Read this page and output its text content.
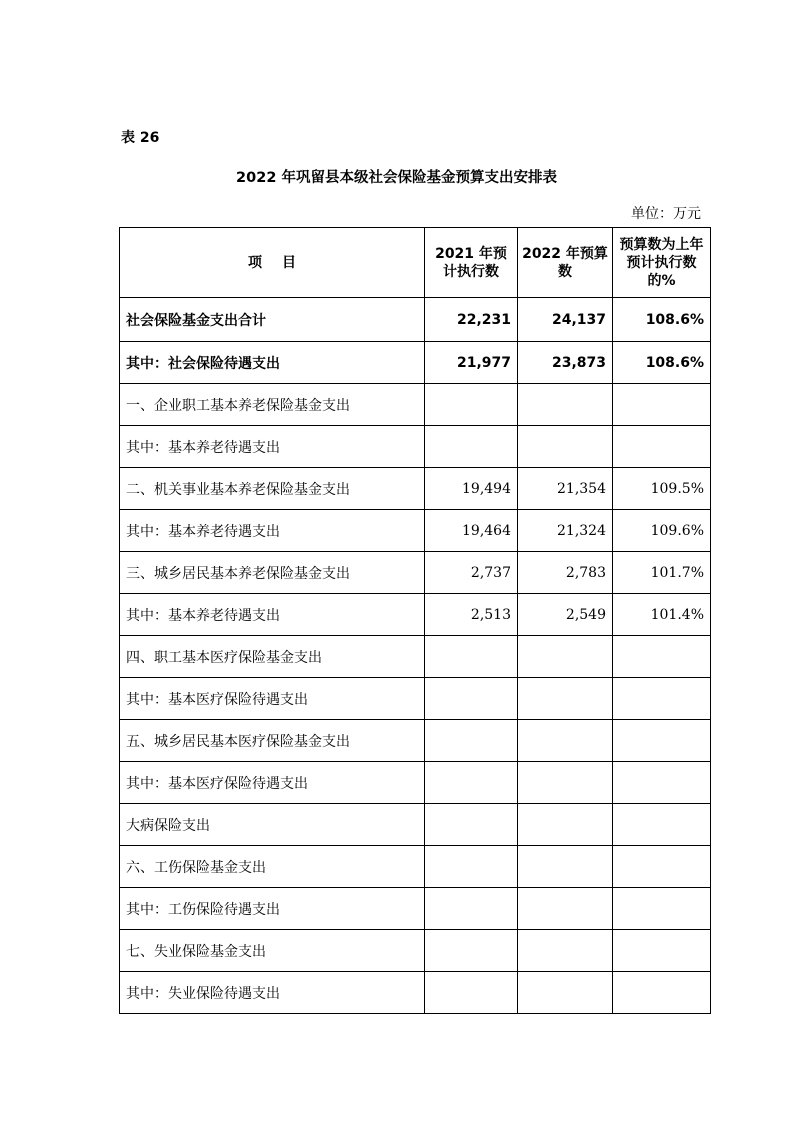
表 26
2022 年巩留县本级社会保险基金预算支出安排表
单位：万元
项 目	2021 年预计执行数	2022 年预算数	预算数为上年预计执行数的%
社会保险基金支出合计	22,231	24,137	108.6%
其中：社会保险待遇支出	21,977	23,873	108.6%
一、企业职工基本养老保险基金支出			
其中：基本养老待遇支出			
二、机关事业基本养老保险基金支出	19,494	21,354	109.5%
其中：基本养老待遇支出	19,464	21,324	109.6%
三、城乡居民基本养老保险基金支出	2,737	2,783	101.7%
其中：基本养老待遇支出	2,513	2,549	101.4%
四、职工基本医疗保险基金支出			
其中：基本医疗保险待遇支出			
五、城乡居民基本医疗保险基金支出			
其中：基本医疗保险待遇支出			
大病保险支出			
六、工伤保险基金支出			
其中：工伤保险待遇支出			
七、失业保险基金支出			
其中：失业保险待遇支出			
